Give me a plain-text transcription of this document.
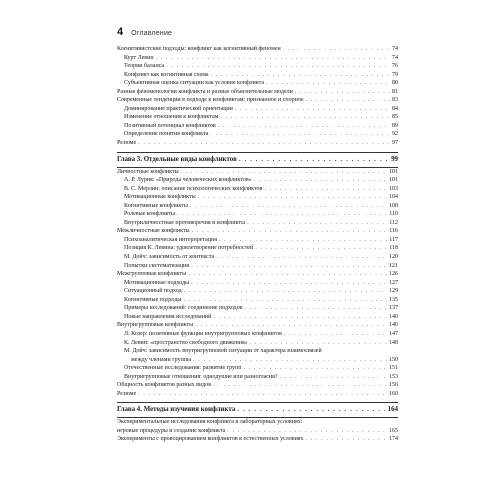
4 Оглавление
Когнитивистские подходы: конфликт как когнитивный феномен . . .	74
Курт Левин . . .	74
Теории баланса . . .	76
Конфликт как когнитивная схема . . .	79
Субъективная оценка ситуации как условие конфликта . . .	80
Разные феноменологии конфликта и разные объяснительные модели . . .	81
Современные тенденции в подходе к конфликтам: признанное и спорное . . .	83
Доминирование практической ориентации . . .	84
Изменение отношения к конфликтам . . .	85
Позитивный потенциал конфликтов . . .	89
Определение понятия конфликта . . .	92
Резюме . . .	97
Глава 3. Отдельные виды конфликтов . . .	99
Личностные конфликты . . .	101
А. Р. Лурия: «Природа человеческих конфликтов» . . .	101
В. С. Мерлин: описание психологических конфликтов . . .	103
Мотивационные конфликты . . .	104
Когнитивные конфликты . . .	108
Ролевые конфликты . . .	110
Внутриличностные противоречия и конфликты . . .	112
Межличностные конфликты . . .	116
Психоаналитическая интерпретация . . .	117
Позиция К. Левина: удовлетворение потребностей . . .	118
М. Дойч: зависимость от контекста . . .	120
Попытки систематизации . . .	121
Межгрупповые конфликты . . .	126
Мотивационные подходы . . .	127
Ситуационный подход . . .	129
Когнитивные подходы . . .	135
Примеры исследований: соединение подходов . . .	137
Новые направления исследований . . .	140
Внутригрупповые конфликты . . .	146
Л. Козер: позитивные функции внутригрупповых конфликтов . . .	147
К. Левин: «пространство свободного движения» . . .	148
М. Дойч: зависимость внутригрупповой ситуации от характера взаимосвязей
между членами группы . . .	150
Отечественные исследования: развитие групп . . .	151
Внутригрупповые отношения: однодушие или разногласия? . . .	153
Общность конфликтов разных видов . . .	156
Резюме . . .	160
Глава 4. Методы изучения конфликта . . .	164
Экспериментальные исследования конфликта в лабораторных условиях:
игровые процедуры и создание конфликта . . .	165
Эксперименты с провоцированием конфликтов в естественных условиях . . .	174
